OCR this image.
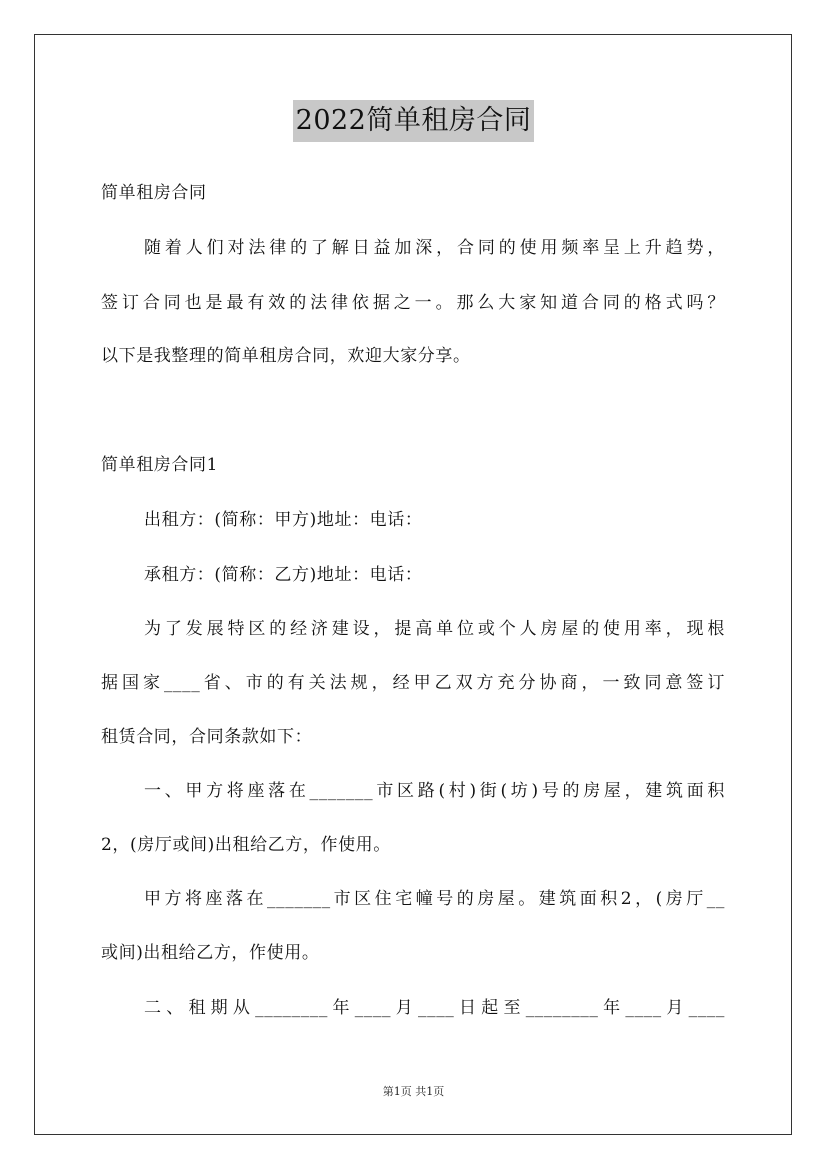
2022简单租房合同
简单租房合同
随着人们对法律的了解日益加深，合同的使用频率呈上升趋势，
签订合同也是最有效的法律依据之一。那么大家知道合同的格式吗？
以下是我整理的简单租房合同，欢迎大家分享。
简单租房合同1
出租方：(简称：甲方)地址：电话：
承租方：(简称：乙方)地址：电话：
为了发展特区的经济建设，提高单位或个人房屋的使用率，现根
据国家____省、市的有关法规，经甲乙双方充分协商，一致同意签订
租赁合同，合同条款如下：
一、甲方将座落在_______市区路(村)街(坊)号的房屋，建筑面积
2，(房厅或间)出租给乙方，作使用。
甲方将座落在_______市区住宅幢号的房屋。建筑面积2，(房厅__
或间)出租给乙方，作使用。
二、租期从________年____月____日起至________年____月____
第1页 共1页
